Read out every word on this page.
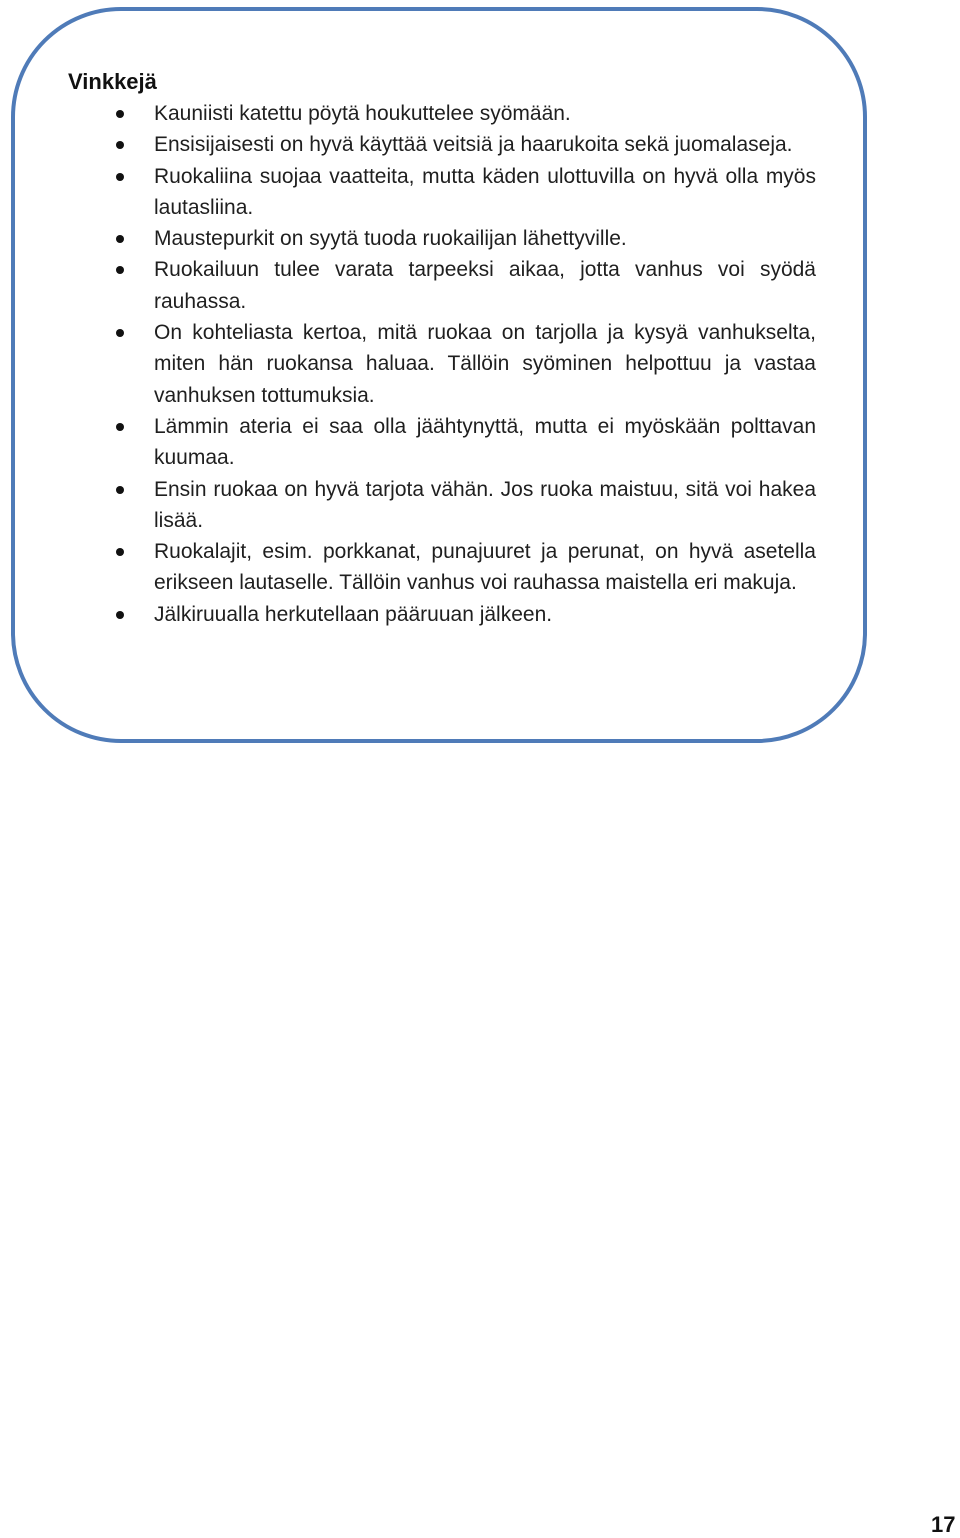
Vinkkejä
Kauniisti katettu pöytä houkuttelee syömään.
Ensisijaisesti on hyvä käyttää veitsiä ja haarukoita sekä juomalaseja.
Ruokaliina suojaa vaatteita, mutta käden ulottuvilla on hyvä olla myös lautasliina.
Maustepurkit on syytä tuoda ruokailijan lähettyville.
Ruokailuun tulee varata tarpeeksi aikaa, jotta vanhus voi syödä rauhassa.
On kohteliasta kertoa, mitä ruokaa on tarjolla ja kysyä vanhukselta, miten hän ruokansa haluaa. Tällöin syöminen helpottuu ja vastaa vanhuksen tottumuksia.
Lämmin ateria ei saa olla jäähtynyttä, mutta ei myöskään polttavan kuumaa.
Ensin ruokaa on hyvä tarjota vähän. Jos ruoka maistuu, sitä voi hakea lisää.
Ruokalajit, esim. porkkanat, punajuuret ja perunat, on hyvä asetella erikseen lautaselle. Tällöin vanhus voi rauhassa maistella eri makuja.
Jälkiruualla herkutellaan pääruuan jälkeen.
17
